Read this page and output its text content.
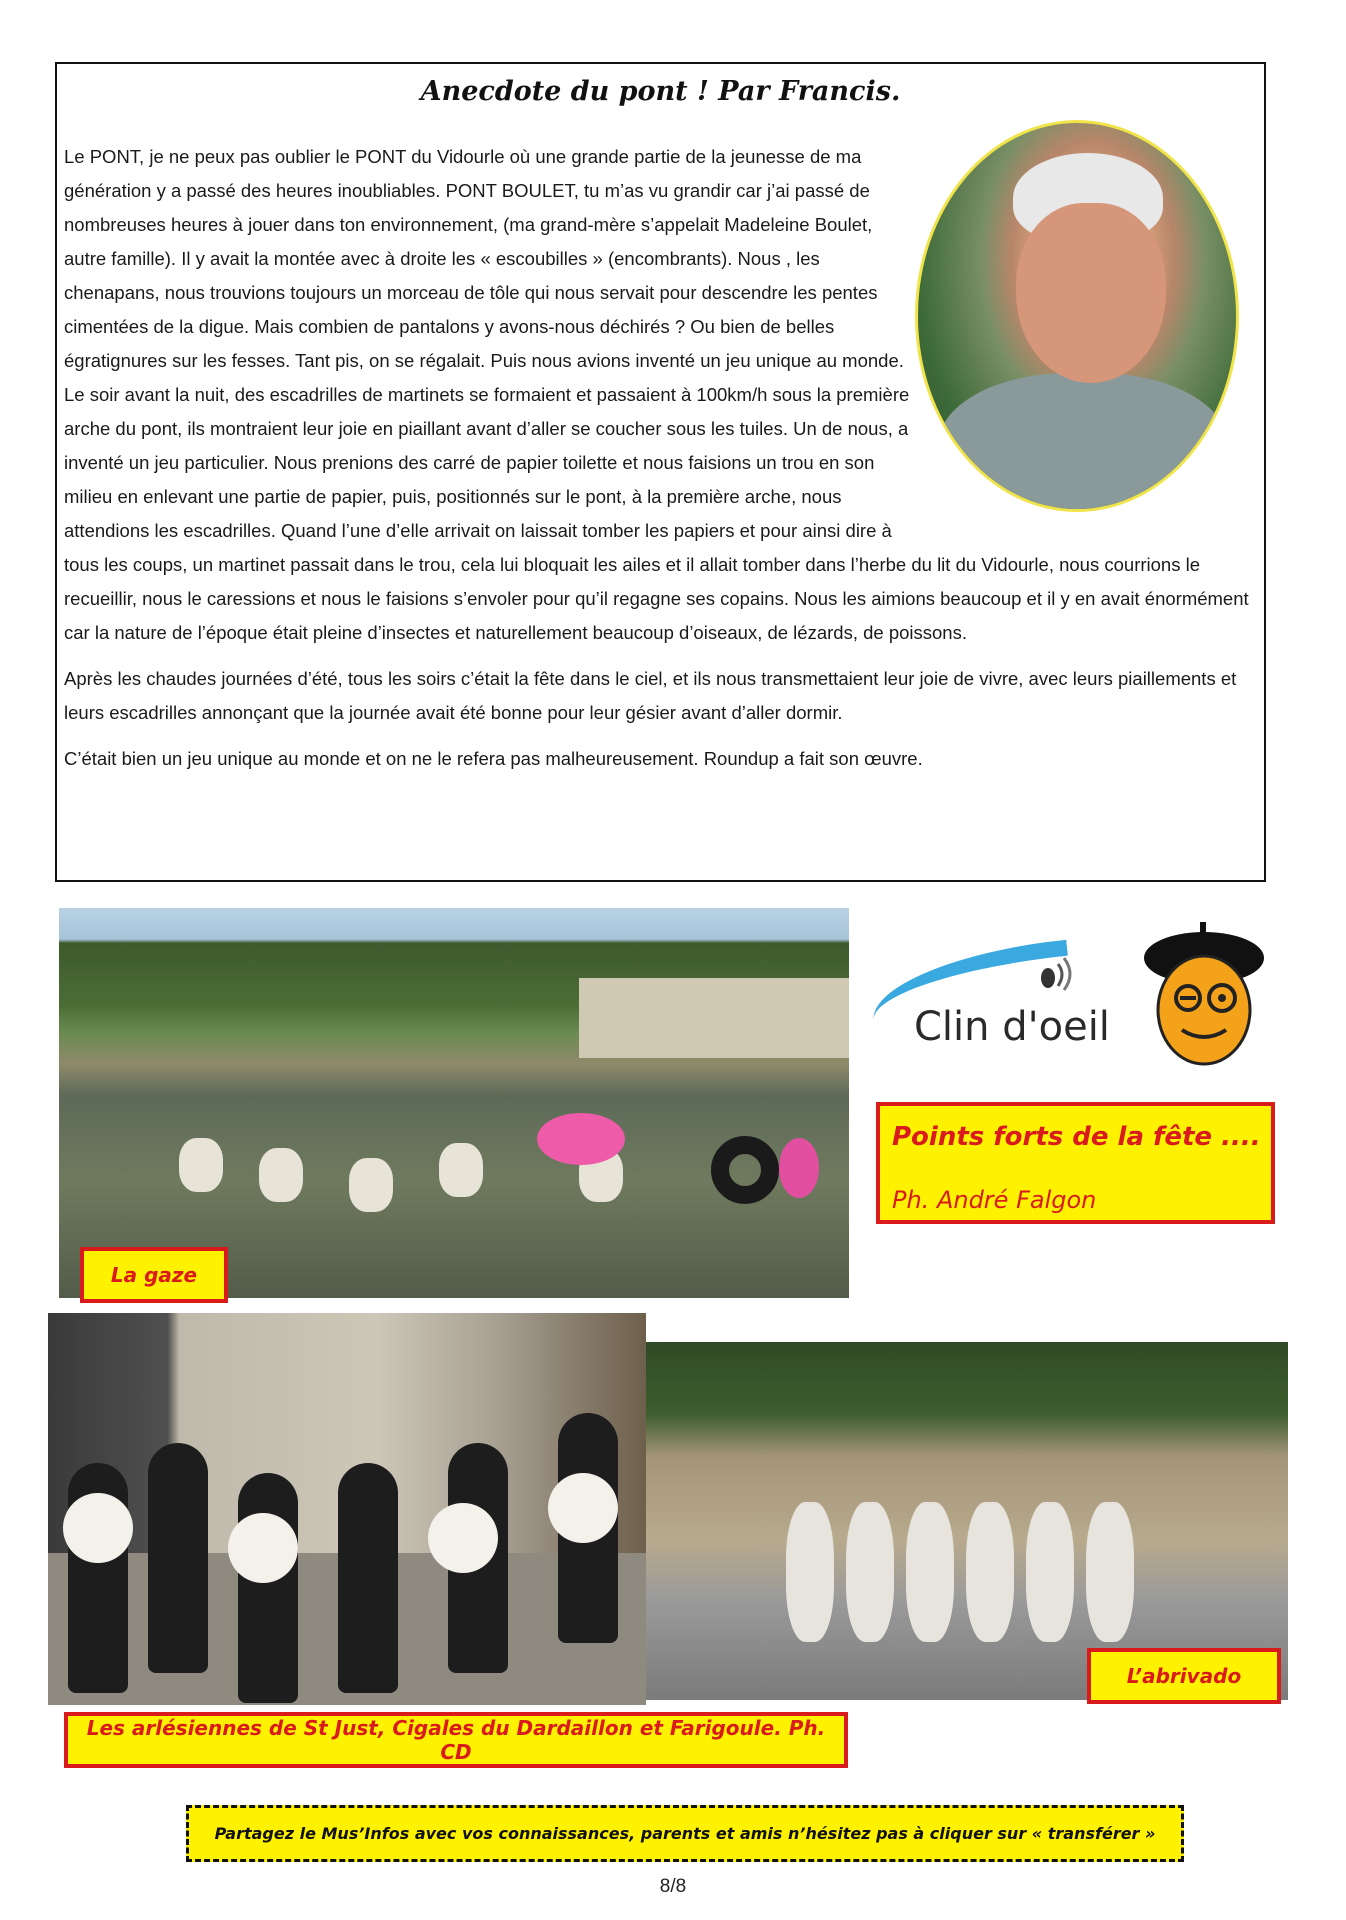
Anecdote du pont ! Par Francis.

Le PONT, je ne peux pas oublier le PONT du Vidourle où une grande partie de la jeunesse de ma génération y a passé des heures inoubliables. PONT BOULET, tu m’as vu grandir car j’ai passé de nombreuses heures à jouer dans ton environnement, (ma grand-mère s’appelait Madeleine Boulet, autre famille). Il y avait la montée avec à droite les « escoubilles » (encombrants). Nous , les chenapans, nous trouvions toujours un morceau de tôle qui nous servait pour descendre les pentes cimentées de la digue. Mais combien de pantalons y avons-nous déchirés ? Ou bien de belles égratignures sur les fesses. Tant pis, on se régalait. Puis nous avions inventé un jeu unique au monde. Le soir avant la nuit, des escadrilles de martinets se formaient et passaient à 100km/h sous la première arche du pont, ils montraient leur joie en piaillant avant d’aller se coucher sous les tuiles. Un de nous, a inventé un jeu particulier. Nous prenions des carré de papier toilette et nous faisions un trou en son milieu en enlevant une partie de papier, puis, positionnés sur le pont, à la première arche, nous attendions les escadrilles. Quand l’une d’elle arrivait on laissait tomber les papiers et pour ainsi dire à tous les coups, un martinet passait dans le trou, cela lui bloquait les ailes et il allait tomber dans l’herbe du lit du Vidourle, nous courrions le recueillir, nous le caressions et nous le faisions s’envoler pour qu’il regagne ses copains. Nous les aimions beaucoup et il y en avait énormément car la nature de l’époque était pleine d’insectes et naturellement beaucoup d’oiseaux, de lézards, de poissons.

Après les chaudes journées d’été, tous les soirs c’était la fête dans le ciel, et ils nous transmettaient leur joie de vivre, avec leurs piaillements et leurs escadrilles annonçant que la journée avait été bonne pour leur gésier avant d’aller dormir.

C’était bien un jeu unique au monde et on ne le refera pas malheureusement. Roundup a fait son œuvre.

La gaze
Clin d'oeil
Points forts de la fête ....
Ph. André Falgon
L’abrivado
Les arlésiennes de St Just, Cigales du Dardaillon et Farigoule. Ph. CD
Partagez le Mus’Infos avec vos connaissances, parents et amis n’hésitez pas à cliquer sur « transférer »
8/8
